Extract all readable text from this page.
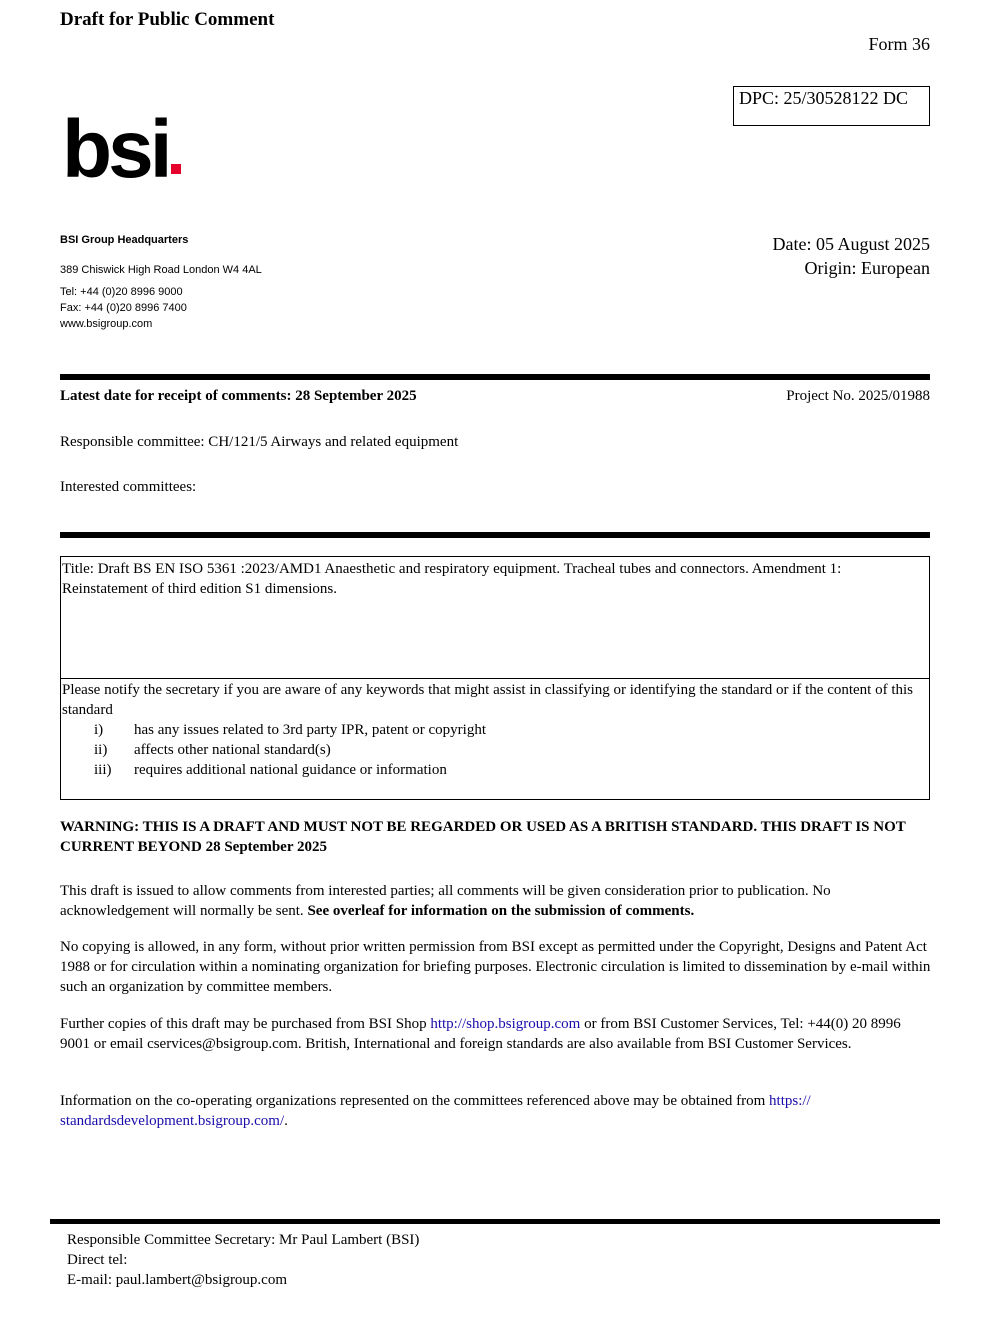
Draft for Public Comment
Form 36
DPC: 25/30528122 DC
bsi
BSI Group Headquarters
389 Chiswick High Road London W4 4AL
Tel: +44 (0)20 8996 9000
Fax: +44 (0)20 8996 7400
www.bsigroup.com
Date: 05 August 2025
Origin: European
Latest date for receipt of comments: 28 September 2025	Project No. 2025/01988
Responsible committee: CH/121/5 Airways and related equipment
Interested committees:
Title: Draft BS EN ISO 5361 :2023/AMD1 Anaesthetic and respiratory equipment. Tracheal tubes and connectors. Amendment 1: Reinstatement of third edition S1 dimensions.
Please notify the secretary if you are aware of any keywords that might assist in classifying or identifying the standard or if the content of this standard
i) has any issues related to 3rd party IPR, patent or copyright
ii) affects other national standard(s)
iii) requires additional national guidance or information
WARNING: THIS IS A DRAFT AND MUST NOT BE REGARDED OR USED AS A BRITISH STANDARD. THIS DRAFT IS NOT CURRENT BEYOND 28 September 2025
This draft is issued to allow comments from interested parties; all comments will be given consideration prior to publication. No acknowledgement will normally be sent. See overleaf for information on the submission of comments.
No copying is allowed, in any form, without prior written permission from BSI except as permitted under the Copyright, Designs and Patent Act 1988 or for circulation within a nominating organization for briefing purposes. Electronic circulation is limited to dissemination by e-mail within such an organization by committee members.
Further copies of this draft may be purchased from BSI Shop http://shop.bsigroup.com or from BSI Customer Services, Tel: +44(0) 20 8996 9001 or email cservices@bsigroup.com. British, International and foreign standards are also available from BSI Customer Services.
Information on the co-operating organizations represented on the committees referenced above may be obtained from https:// standardsdevelopment.bsigroup.com/.
Responsible Committee Secretary: Mr Paul Lambert (BSI)
Direct tel:
E-mail: paul.lambert@bsigroup.com
